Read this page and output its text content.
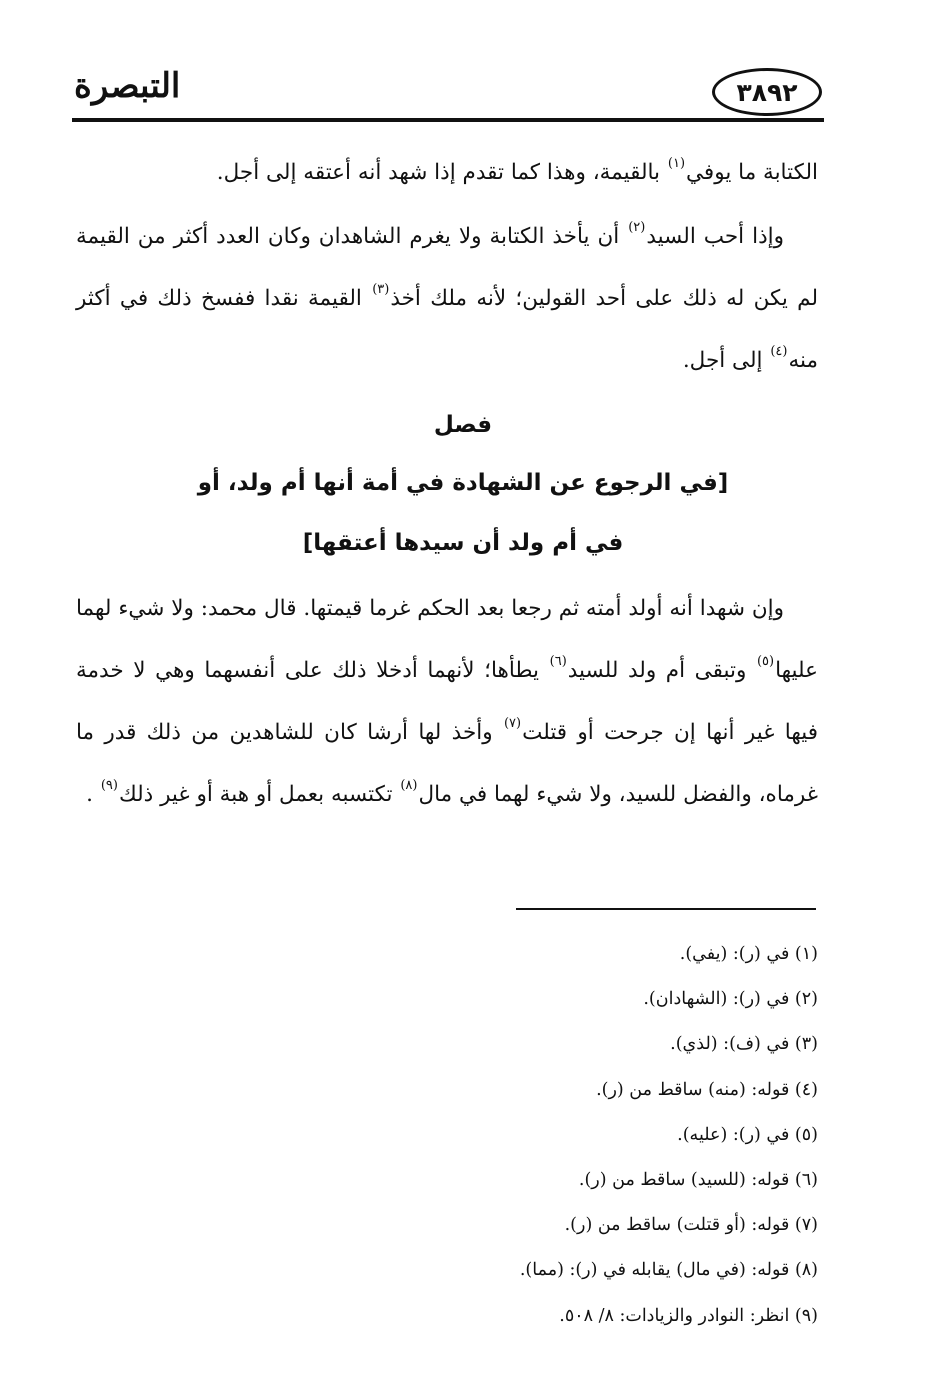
٣٨٩٢
التبصرة

الكتابة ما يوفي$^{(١)}$ بالقيمة، وهذا كما تقدم إذا شهد أنه أعتقه إلى أجل.

وإذا أحب السيد$^{(٢)}$ أن يأخذ الكتابة ولا يغرم الشاهدان وكان العدد أكثر من القيمة لم يكن له ذلك على أحد القولين؛ لأنه ملك أخذ$^{(٣)}$ القيمة نقدا ففسخ ذلك في أكثر منه$^{(٤)}$ إلى أجل.

فصل
[في الرجوع عن الشهادة في أمة أنها أم ولد، أو
في أم ولد أن سيدها أعتقها]

وإن شهدا أنه أولد أمته ثم رجعا بعد الحكم غرما قيمتها. قال محمد: ولا شيء لهما عليها$^{(٥)}$ وتبقى أم ولد للسيد$^{(٦)}$ يطأها؛ لأنهما أدخلا ذلك على أنفسهما وهي لا خدمة فيها غير أنها إن جرحت أو قتلت$^{(٧)}$ وأخذ لها أرشا كان للشاهدين من ذلك قدر ما غرماه، والفضل للسيد، ولا شيء لهما في مال$^{(٨)}$ تكتسبه بعمل أو هبة أو غير ذلك$^{(٩)}$ .

(١) في (ر): (يفي).

(٢) في (ر): (الشهادان).

(٣) في (ف): (لذي).

(٤) قوله: (منه) ساقط من (ر).

(٥) في (ر): (عليه).

(٦) قوله: (للسيد) ساقط من (ر).

(٧) قوله: (أو قتلت) ساقط من (ر).

(٨) قوله: (في مال) يقابله في (ر): (مما).

(٩) انظر: النوادر والزيادات: ٨/ ٥٠٨.
